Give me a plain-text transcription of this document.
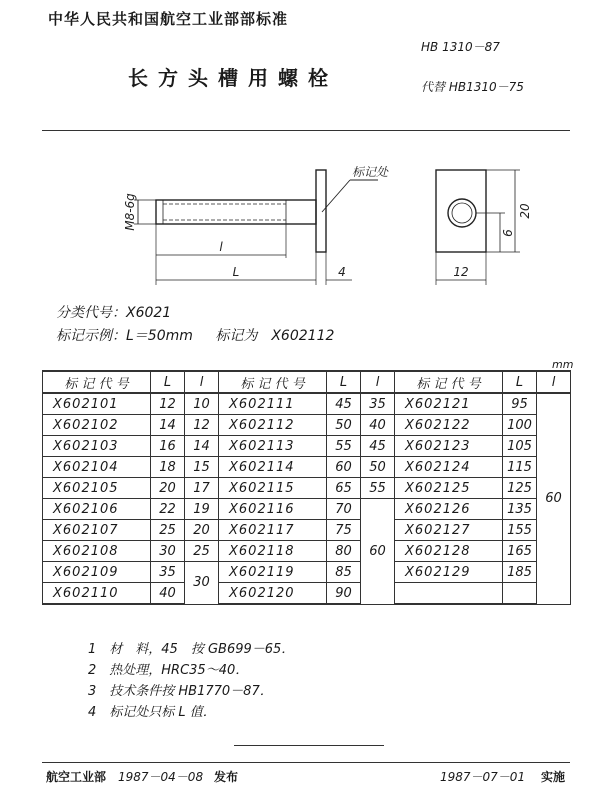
中华人民共和国航空工业部部标准
HB 1310－87
长方头槽用螺栓	代替 HB1310－75
M8-6g
标记处
l
L	4
20
6
12
分类代号：X6021
标记示例：L＝50mm 标记为　X602112
mm
标 记 代 号	L	l	标 记 代 号	L	l	标 记 代 号	L	l
X602101	12	10	X602111	45	35	X602121	95	60
X602102	14	12	X602112	50	40	X602122	100	
X602103	16	14	X602113	55	45	X602123	105	
X602104	18	15	X602114	60	50	X602124	115	
X602105	20	17	X602115	65	55	X602125	125	
X602106	22	19	X602116	70	60	X602126	135	
X602107	25	20	X602117	75		X602127	155	
X602108	30	25	X602118	80		X602128	165	
X602109	35	30	X602119	85		X602129	185	
X602110	40		X602120	90				
1　材　料，45　按 GB699－65．
2　热处理，HRC35～40．
3　技术条件按 HB1770－87．
4　标记处只标 L 值．
航空工业部 1987－04－08 发布	1987－07－01 实施
